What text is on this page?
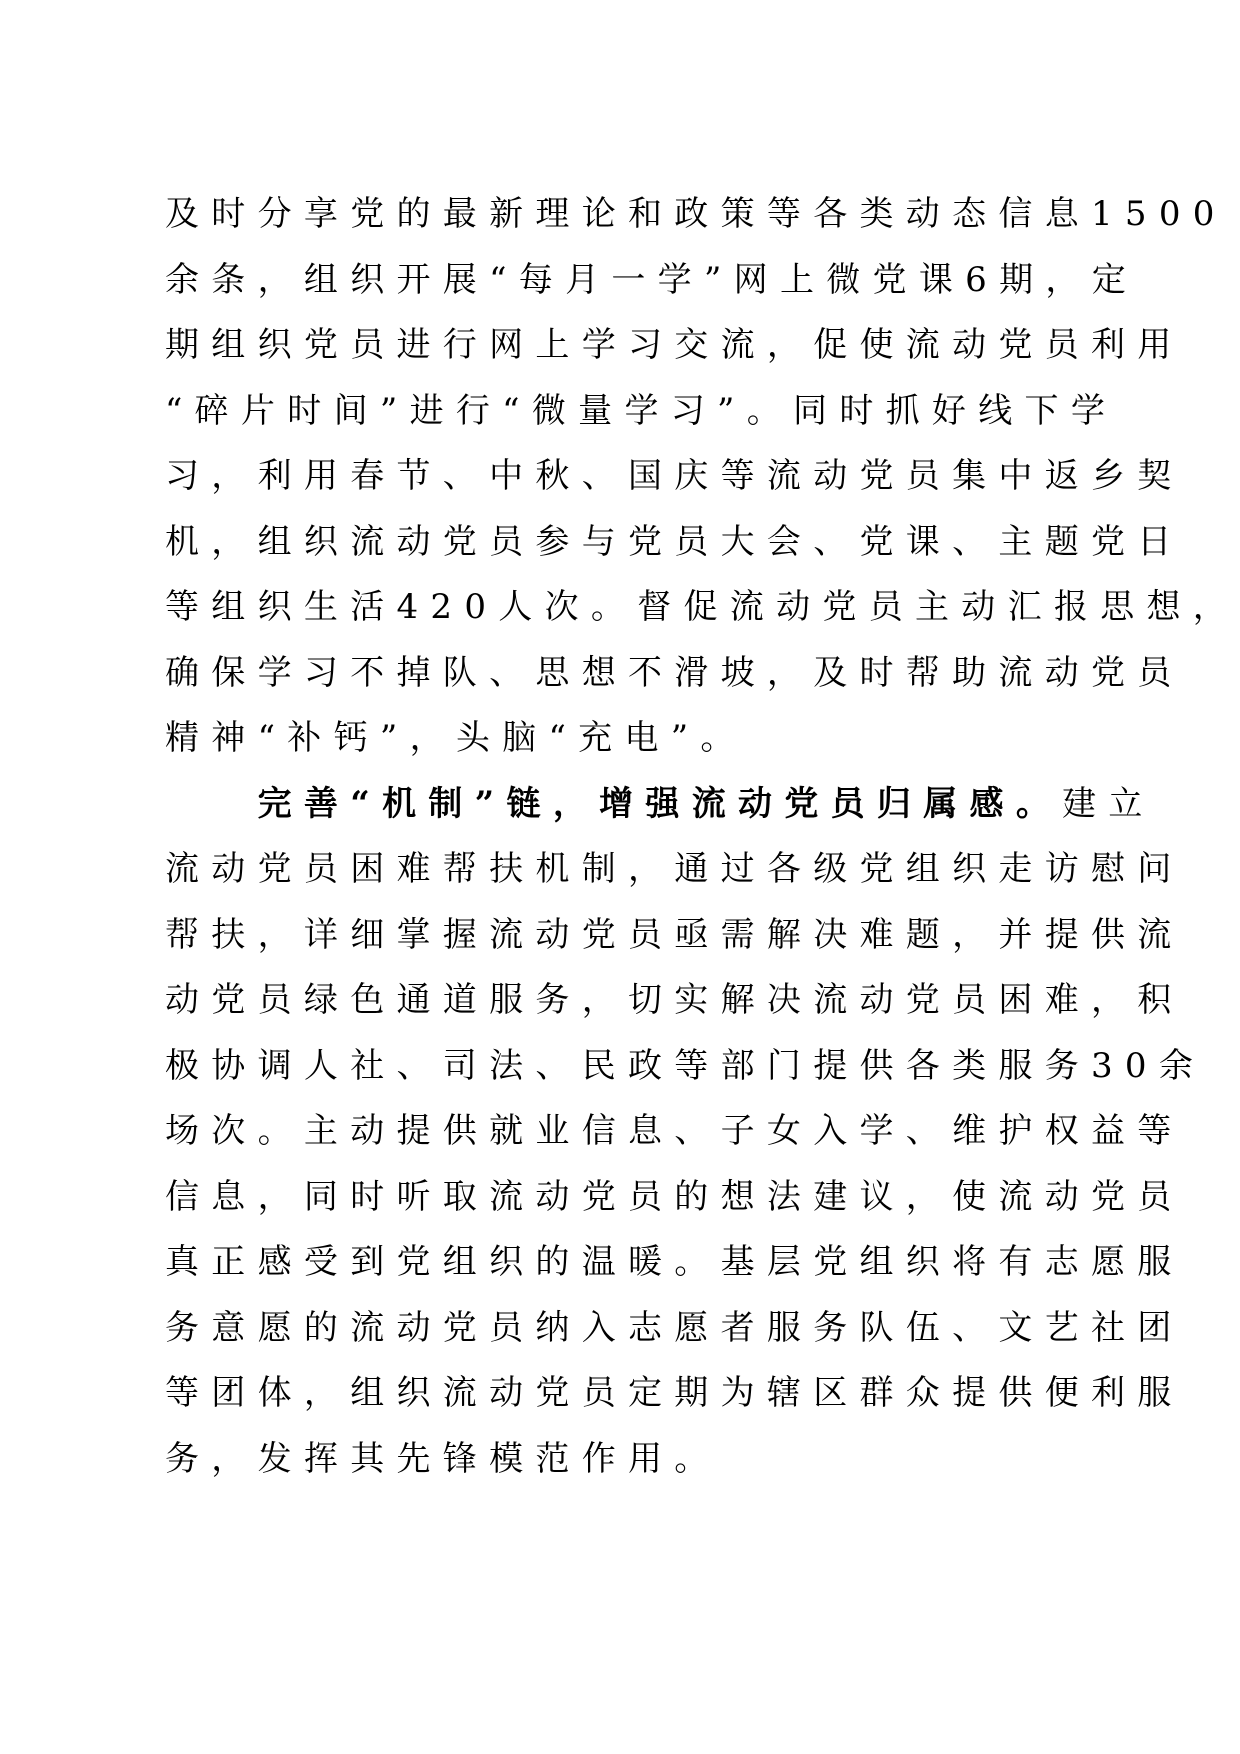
及时分享党的最新理论和政策等各类动态信息1500
余条，组织开展“每月一学”网上微党课6期，定
期组织党员进行网上学习交流，促使流动党员利用
“碎片时间”进行“微量学习”。同时抓好线下学
习，利用春节、中秋、国庆等流动党员集中返乡契
机，组织流动党员参与党员大会、党课、主题党日
等组织生活420人次。督促流动党员主动汇报思想，
确保学习不掉队、思想不滑坡，及时帮助流动党员
精神“补钙”，头脑“充电”。
　　完善“机制”链，增强流动党员归属感。建立
流动党员困难帮扶机制，通过各级党组织走访慰问
帮扶，详细掌握流动党员亟需解决难题，并提供流
动党员绿色通道服务，切实解决流动党员困难，积
极协调人社、司法、民政等部门提供各类服务30余
场次。主动提供就业信息、子女入学、维护权益等
信息，同时听取流动党员的想法建议，使流动党员
真正感受到党组织的温暖。基层党组织将有志愿服
务意愿的流动党员纳入志愿者服务队伍、文艺社团
等团体，组织流动党员定期为辖区群众提供便利服
务，发挥其先锋模范作用。
